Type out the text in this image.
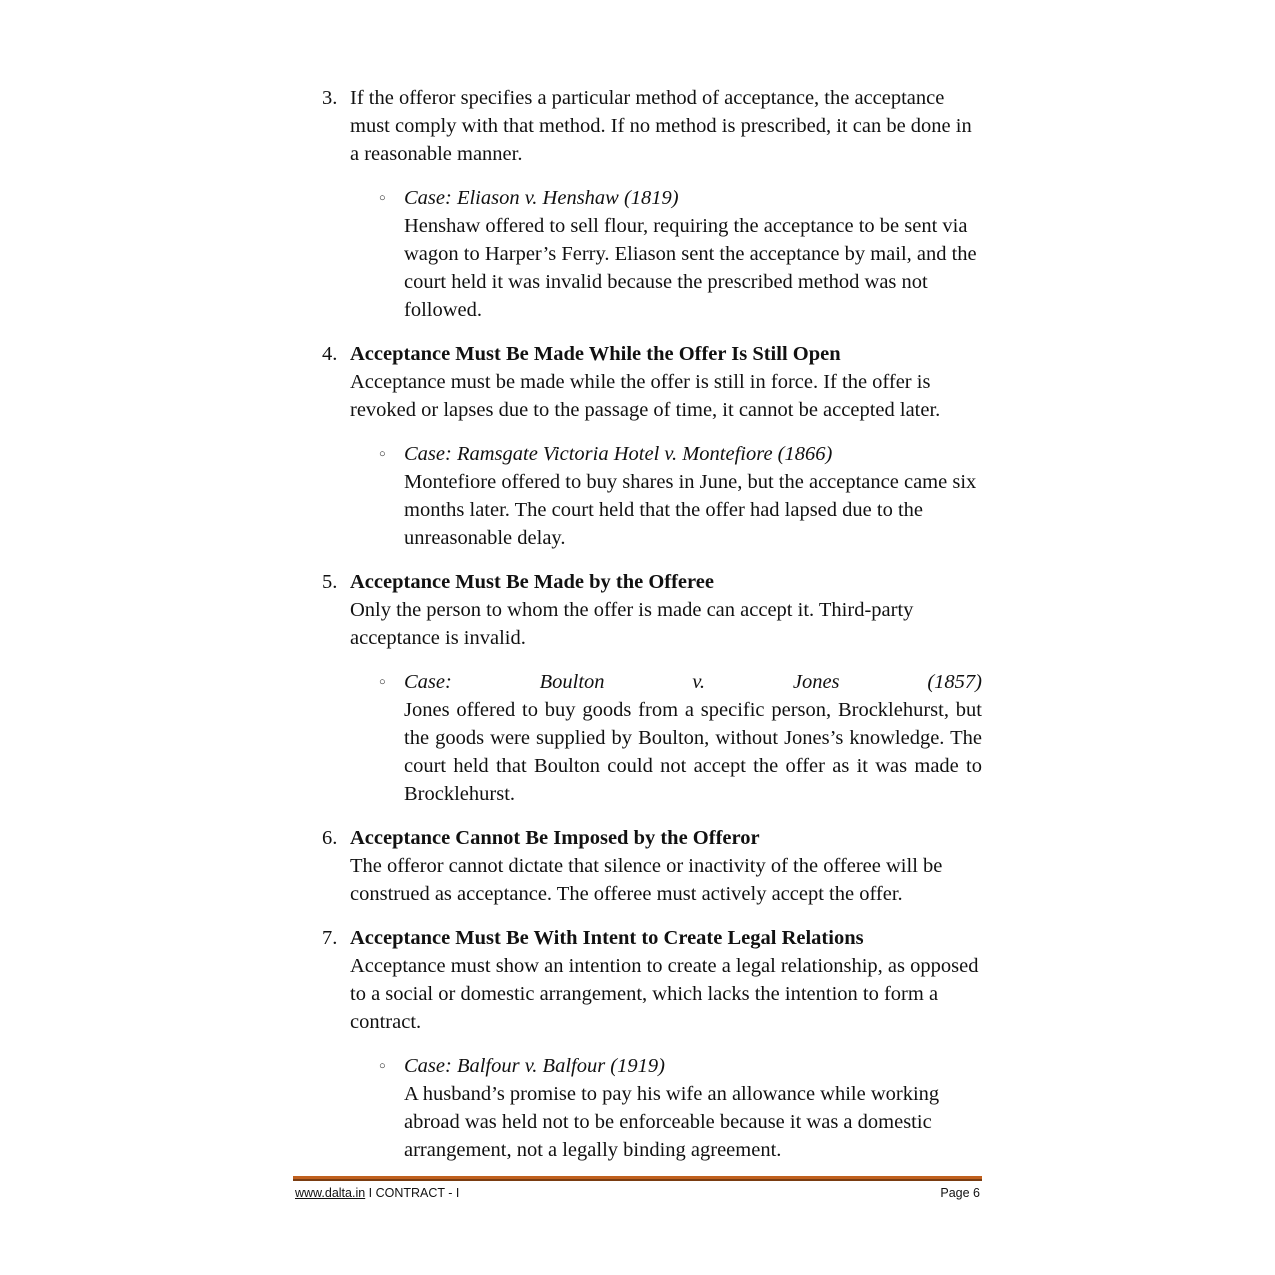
3. If the offeror specifies a particular method of acceptance, the acceptance must comply with that method. If no method is prescribed, it can be done in a reasonable manner.
○ Case: Eliason v. Henshaw (1819)
Henshaw offered to sell flour, requiring the acceptance to be sent via wagon to Harper’s Ferry. Eliason sent the acceptance by mail, and the court held it was invalid because the prescribed method was not followed.
4. Acceptance Must Be Made While the Offer Is Still Open
Acceptance must be made while the offer is still in force. If the offer is revoked or lapses due to the passage of time, it cannot be accepted later.
○ Case: Ramsgate Victoria Hotel v. Montefiore (1866)
Montefiore offered to buy shares in June, but the acceptance came six months later. The court held that the offer had lapsed due to the unreasonable delay.
5. Acceptance Must Be Made by the Offeree
Only the person to whom the offer is made can accept it. Third-party acceptance is invalid.
○ Case:	Boulton	v.	Jones	(1857)
Jones offered to buy goods from a specific person, Brocklehurst, but the goods were supplied by Boulton, without Jones’s knowledge. The court held that Boulton could not accept the offer as it was made to Brocklehurst.
6. Acceptance Cannot Be Imposed by the Offeror
The offeror cannot dictate that silence or inactivity of the offeree will be construed as acceptance. The offeree must actively accept the offer.
7. Acceptance Must Be With Intent to Create Legal Relations
Acceptance must show an intention to create a legal relationship, as opposed to a social or domestic arrangement, which lacks the intention to form a contract.
○ Case: Balfour v. Balfour (1919)
A husband’s promise to pay his wife an allowance while working abroad was held not to be enforceable because it was a domestic arrangement, not a legally binding agreement.
www.dalta.in I CONTRACT - I	Page 6
